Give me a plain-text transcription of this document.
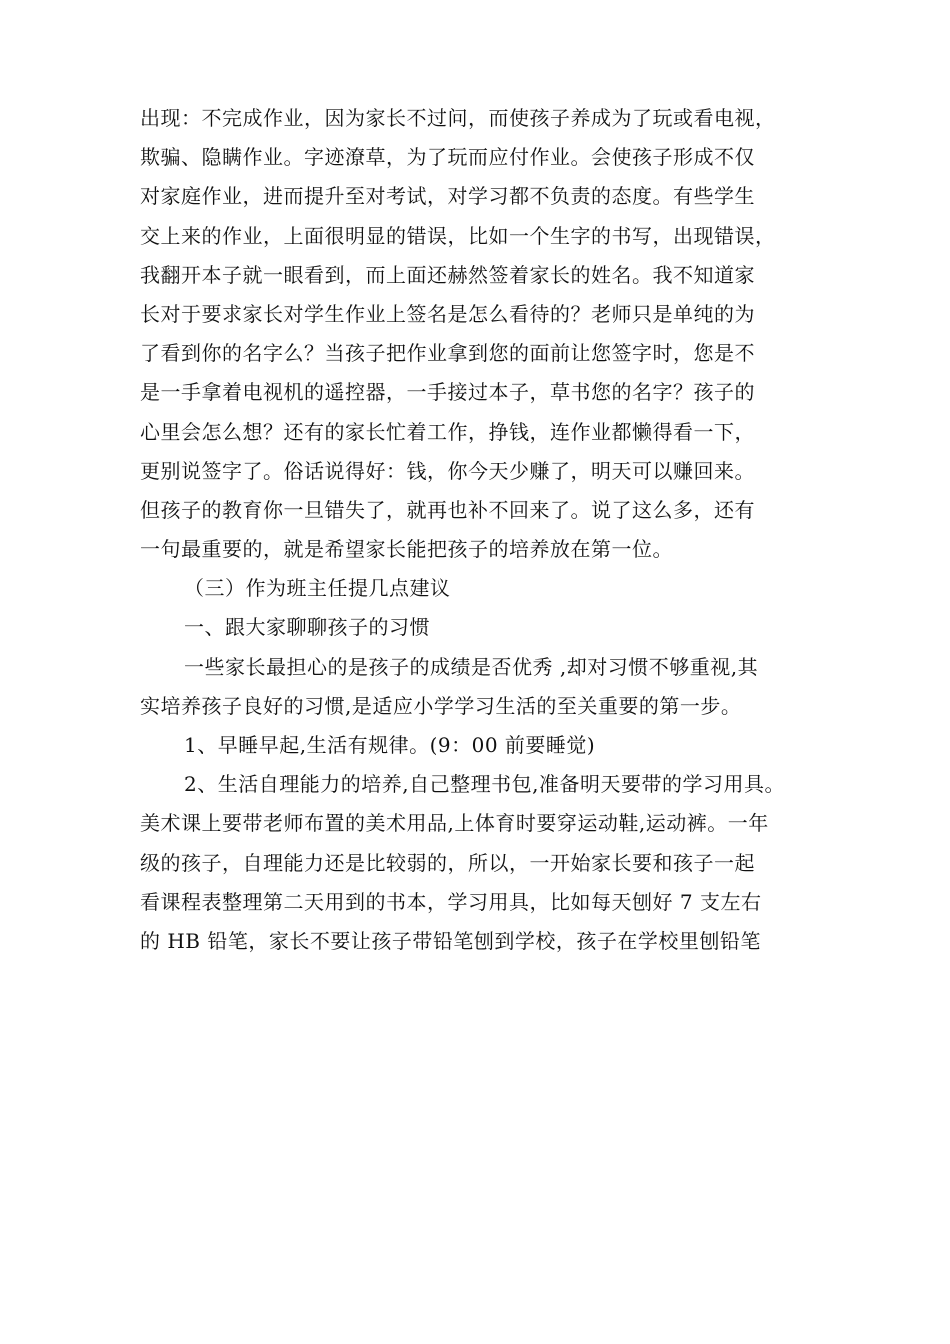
出现：不完成作业，因为家长不过问，而使孩子养成为了玩或看电视，

欺骗、隐瞒作业。字迹潦草，为了玩而应付作业。会使孩子形成不仅

对家庭作业，进而提升至对考试，对学习都不负责的态度。有些学生

交上来的作业，上面很明显的错误，比如一个生字的书写，出现错误，

我翻开本子就一眼看到，而上面还赫然签着家长的姓名。我不知道家

长对于要求家长对学生作业上签名是怎么看待的？老师只是单纯的为

了看到你的名字么？当孩子把作业拿到您的面前让您签字时，您是不

是一手拿着电视机的遥控器，一手接过本子，草书您的名字？孩子的

心里会怎么想？还有的家长忙着工作，挣钱，连作业都懒得看一下，

更别说签字了。俗话说得好：钱，你今天少赚了，明天可以赚回来。

但孩子的教育你一旦错失了，就再也补不回来了。说了这么多，还有

一句最重要的，就是希望家长能把孩子的培养放在第一位。

（三）作为班主任提几点建议

一、跟大家聊聊孩子的习惯

一些家长最担心的是孩子的成绩是否优秀 ,却对习惯不够重视,其

实培养孩子良好的习惯,是适应小学学习生活的至关重要的第一步。

1、早睡早起,生活有规律。(9：00 前要睡觉)

2、生活自理能力的培养,自己整理书包,准备明天要带的学习用具。

美术课上要带老师布置的美术用品,上体育时要穿运动鞋,运动裤。一年

级的孩子，自理能力还是比较弱的，所以，一开始家长要和孩子一起

看课程表整理第二天用到的书本，学习用具，比如每天刨好 7 支左右

的 HB 铅笔，家长不要让孩子带铅笔刨到学校，孩子在学校里刨铅笔
